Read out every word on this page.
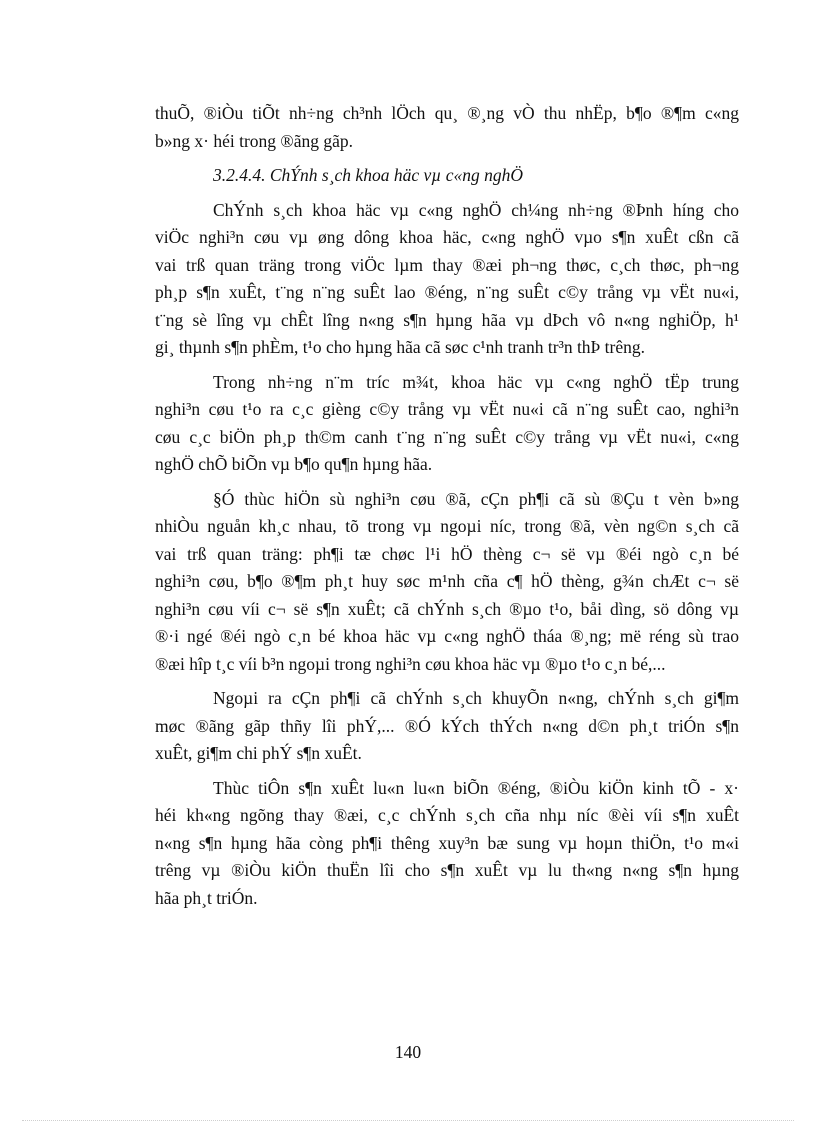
thuÕ, ®iÒu tiÕt nh÷ng ch³nh lÖch qu¸ ®¸ng vÒ thu nhËp, b¶o ®¶m c«ng
b»ng x· héi trong ®ãng gãp.
3.2.4.4. ChÝnh s¸ch khoa häc vµ c«ng nghÖ
ChÝnh s¸ch khoa häc vµ c«ng nghÖ ch¼ng nh÷ng ®Þnh híng cho
viÖc nghi³n cøu vµ øng dông khoa häc, c«ng nghÖ vµo s¶n xuÊt cßn cã
vai trß quan träng trong viÖc lµm thay ®æi ph¬ng thøc, c¸ch thøc, ph¬ng
ph¸p s¶n xuÊt, t¨ng n¨ng suÊt lao ®éng, n¨ng suÊt c©y trång vµ vËt nu«i,
t¨ng sè lîng vµ chÊt lîng n«ng s¶n hµng hãa vµ dÞch vô n«ng nghiÖp, h¹
gi¸ thµnh s¶n phÈm, t¹o cho hµng hãa cã søc c¹nh tranh tr³n thÞ trêng.
Trong nh÷ng n¨m tríc m¾t, khoa häc vµ c«ng nghÖ tËp trung
nghi³n cøu t¹o ra c¸c gièng c©y trång vµ vËt nu«i cã n¨ng suÊt cao, nghi³n
cøu c¸c biÖn ph¸p th©m canh t¨ng n¨ng suÊt c©y trång vµ vËt nu«i, c«ng
nghÖ chÕ biÕn vµ b¶o qu¶n hµng hãa.
§Ó thùc hiÖn sù nghi³n cøu ®ã, cÇn ph¶i cã sù ®Çu t vèn b»ng
nhiÒu nguån kh¸c nhau, tõ trong vµ ngoµi níc, trong ®ã, vèn ng©n s¸ch cã
vai trß quan träng: ph¶i tæ chøc l¹i hÖ thèng c¬ së vµ ®éi ngò c¸n bé
nghi³n cøu, b¶o ®¶m ph¸t huy søc m¹nh cña c¶ hÖ thèng, g¾n chÆt c¬ së
nghi³n cøu víi c¬ së s¶n xuÊt; cã chÝnh s¸ch ®µo t¹o, båi dìng, sö dông vµ
®·i ngé ®éi ngò c¸n bé khoa häc vµ c«ng nghÖ tháa ®¸ng; më réng sù trao
®æi hîp t¸c víi b³n ngoµi trong nghi³n cøu khoa häc vµ ®µo t¹o c¸n bé,...
Ngoµi ra cÇn ph¶i cã chÝnh s¸ch khuyÕn n«ng, chÝnh s¸ch gi¶m
møc ®ãng gãp thñy lîi phÝ,... ®Ó kÝch thÝch n«ng d©n ph¸t triÓn s¶n
xuÊt, gi¶m chi phÝ s¶n xuÊt.
Thùc tiÔn s¶n xuÊt lu«n lu«n biÕn ®éng, ®iÒu kiÖn kinh tÕ - x·
héi kh«ng ngõng thay ®æi, c¸c chÝnh s¸ch cña nhµ níc ®èi víi s¶n xuÊt
n«ng s¶n hµng hãa còng ph¶i thêng xuy³n bæ sung vµ hoµn thiÖn, t¹o m«i
trêng vµ ®iÒu kiÖn thuËn lîi cho s¶n xuÊt vµ lu th«ng n«ng s¶n hµng
hãa ph¸t triÓn.
140
